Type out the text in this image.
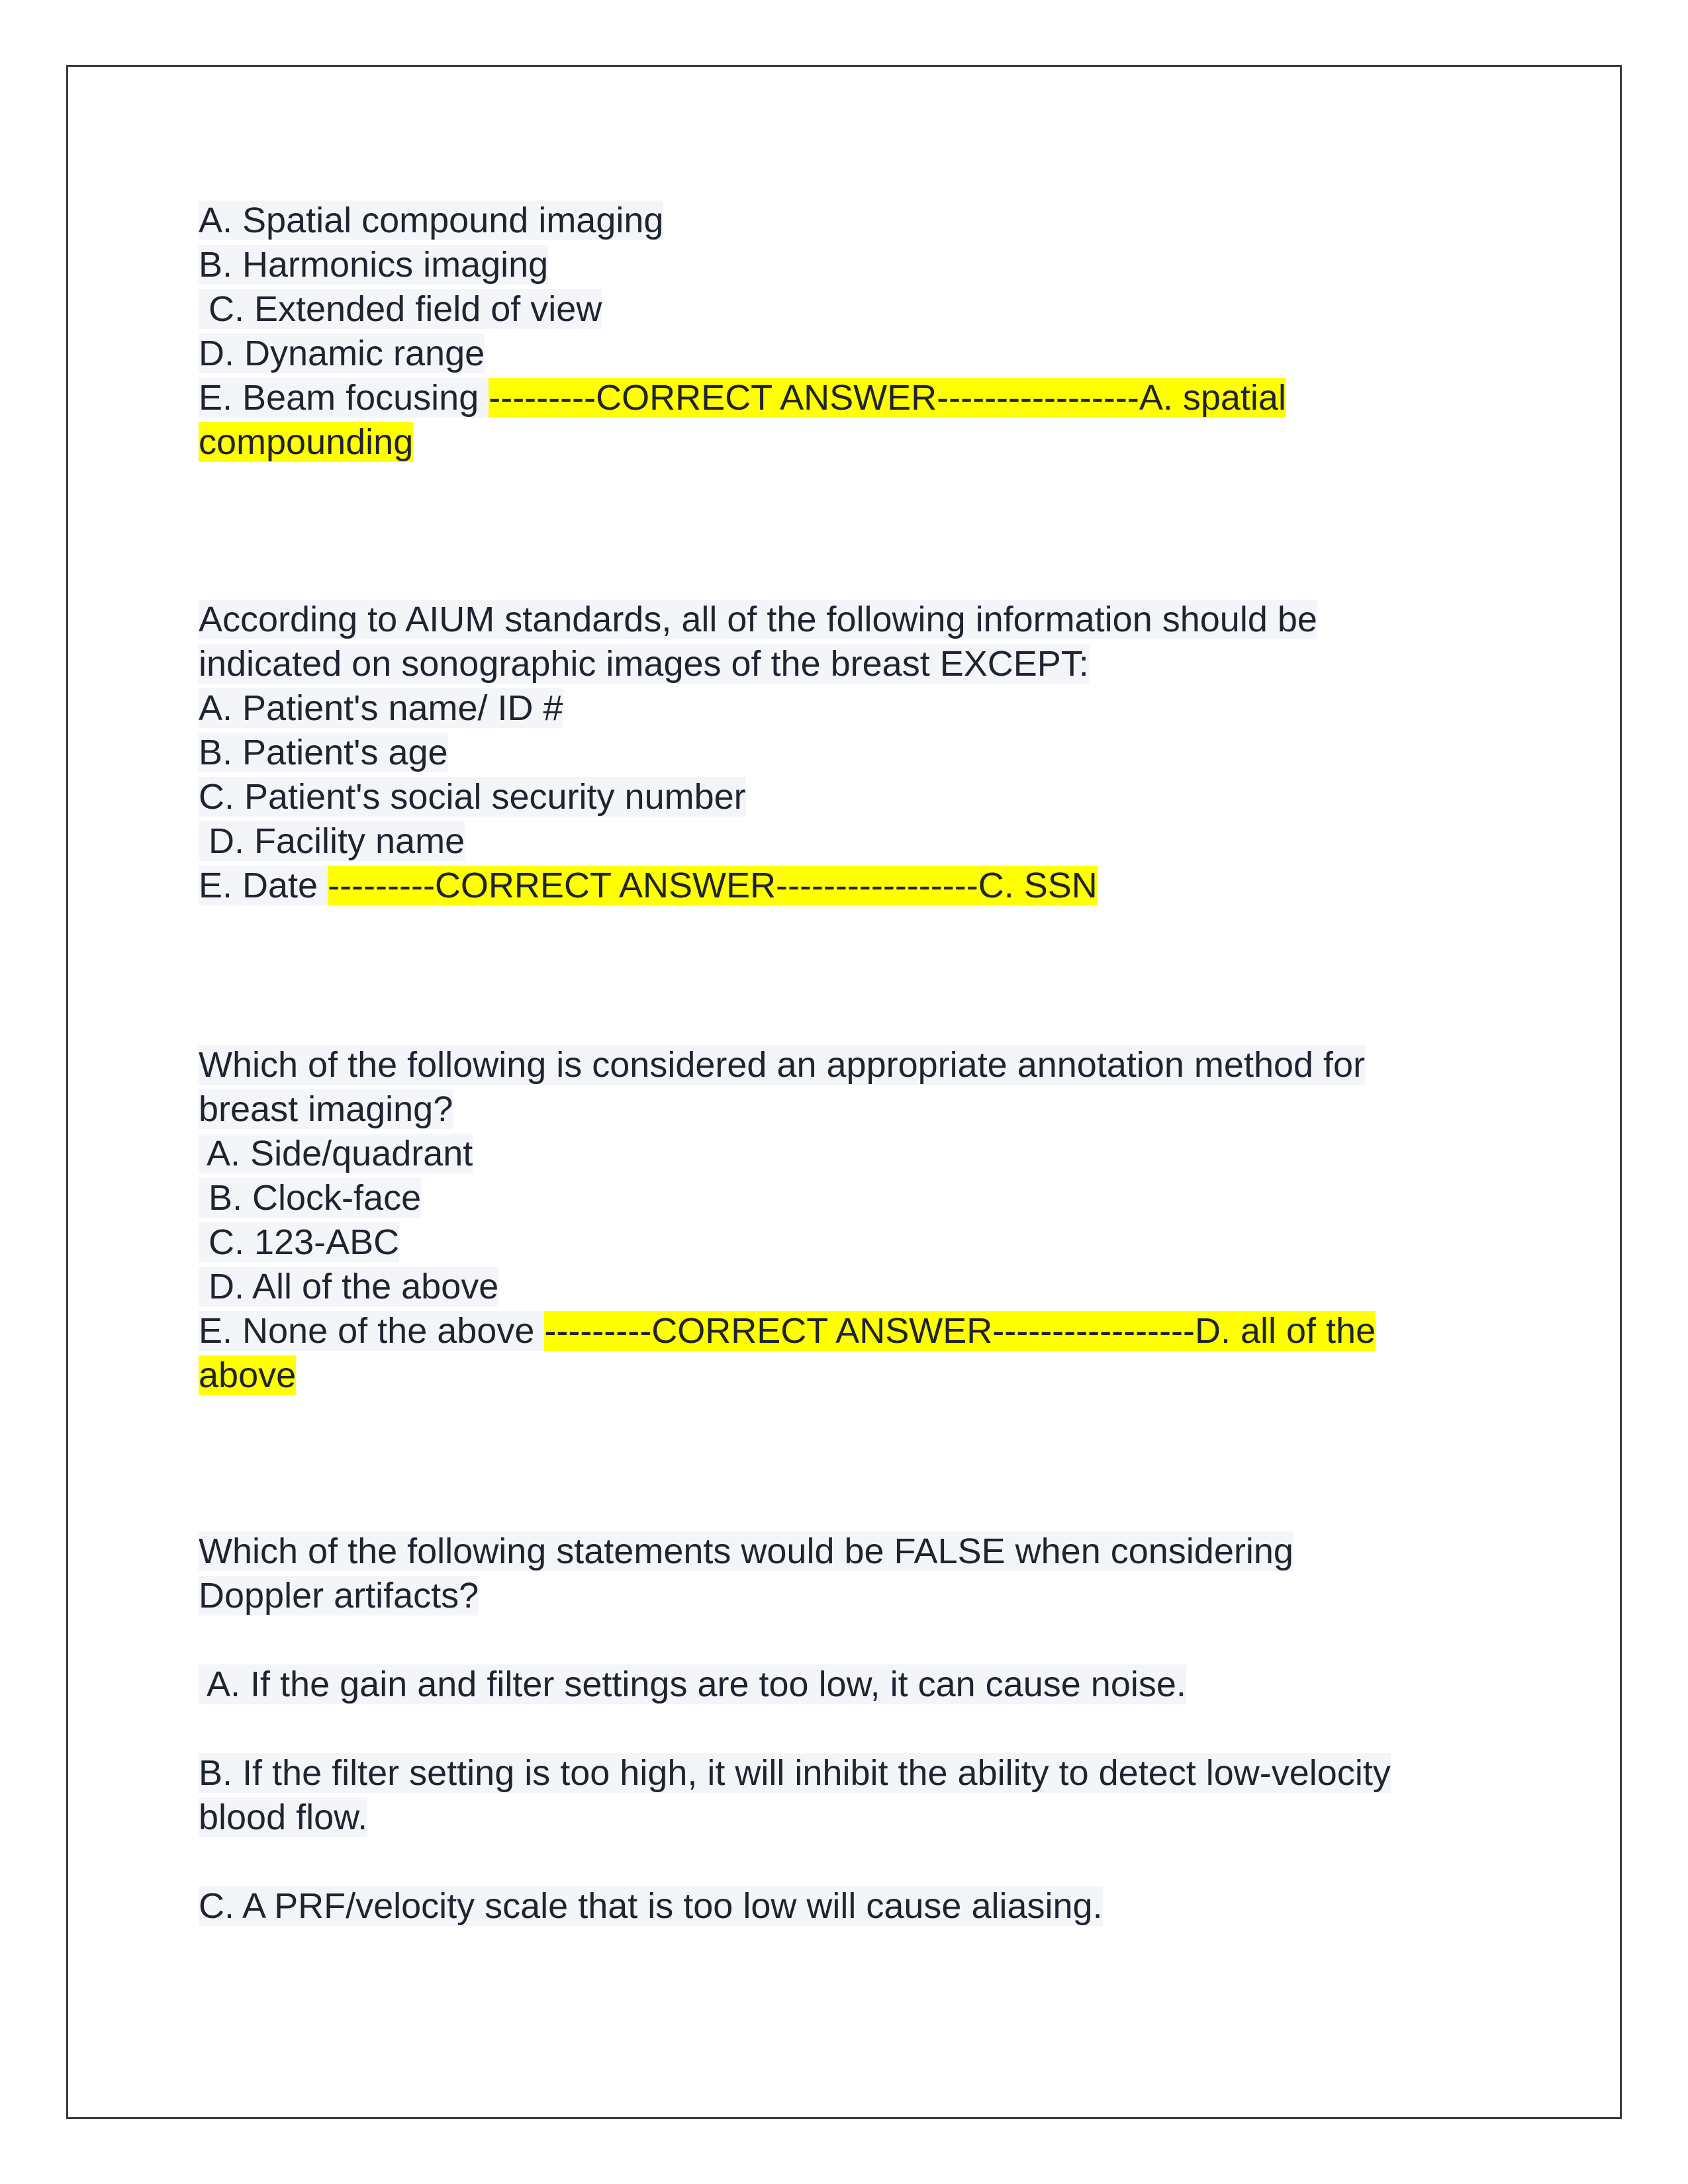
A. Spatial compound imaging
B. Harmonics imaging
C. Extended field of view
D. Dynamic range
E. Beam focusing ---------CORRECT ANSWER-----------------A. spatial
compounding
According to AIUM standards, all of the following information should be
indicated on sonographic images of the breast EXCEPT:
A. Patient's name/ ID #
B. Patient's age
C. Patient's social security number
D. Facility name
E. Date ---------CORRECT ANSWER-----------------C. SSN
Which of the following is considered an appropriate annotation method for
breast imaging?
A. Side/quadrant
B. Clock-face
C. 123-ABC
D. All of the above
E. None of the above ---------CORRECT ANSWER-----------------D. all of the
above
Which of the following statements would be FALSE when considering
Doppler artifacts?
A. If the gain and filter settings are too low, it can cause noise.
B. If the filter setting is too high, it will inhibit the ability to detect low-velocity
blood flow.
C. A PRF/velocity scale that is too low will cause aliasing.
